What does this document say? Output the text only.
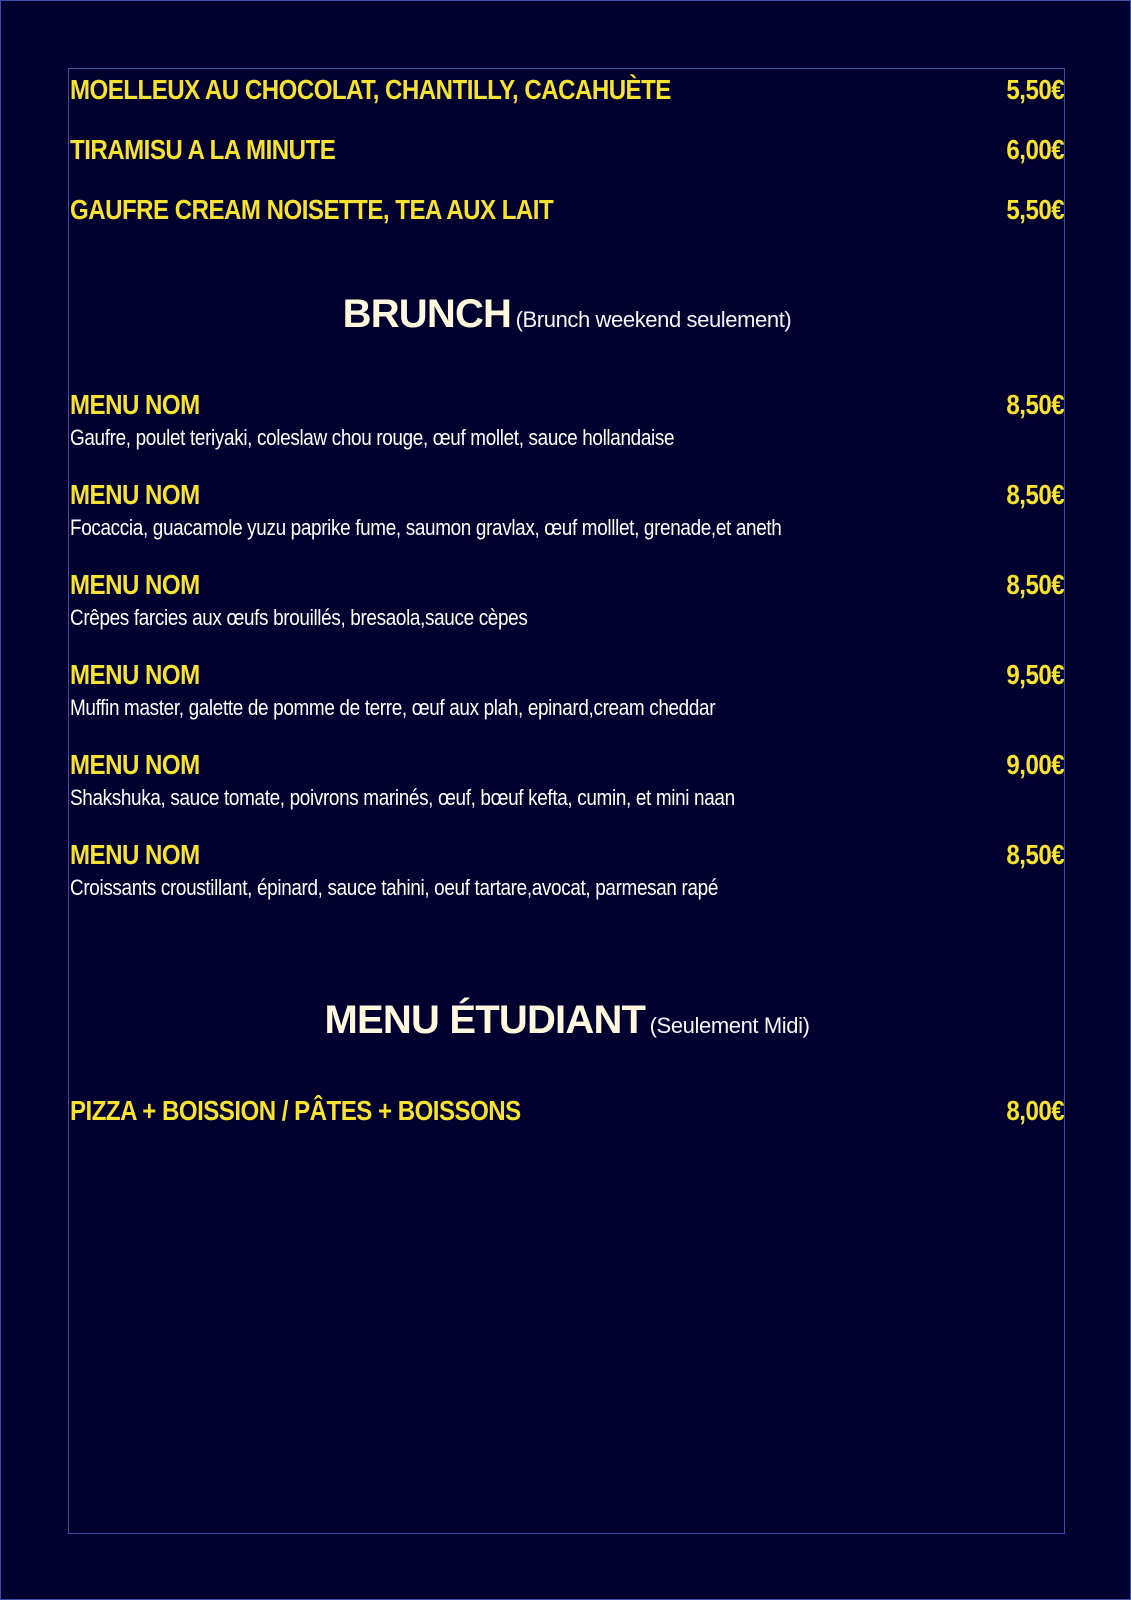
MOELLEUX AU CHOCOLAT, CHANTILLY, CACAHUÈTE	5,50€
TIRAMISU A LA MINUTE	6,00€
GAUFRE CREAM NOISETTE, TEA AUX LAIT	5,50€
BRUNCH (Brunch weekend seulement)
MENU NOM	8,50€
Gaufre, poulet teriyaki, coleslaw chou rouge, œuf mollet, sauce hollandaise
MENU NOM	8,50€
Focaccia, guacamole yuzu paprike fume, saumon gravlax, œuf molllet, grenade,et aneth
MENU NOM	8,50€
Crêpes farcies aux œufs brouillés, bresaola,sauce cèpes
MENU NOM	9,50€
Muffin master, galette de pomme de terre, œuf aux plah, epinard,cream cheddar
MENU NOM	9,00€
Shakshuka, sauce tomate, poivrons marinés, œuf, bœuf kefta, cumin, et mini naan
MENU NOM	8,50€
Croissants croustillant, épinard, sauce tahini, oeuf tartare,avocat, parmesan rapé
MENU ÉTUDIANT (Seulement Midi)
PIZZA + BOISSION / PÂTES + BOISSONS	8,00€
